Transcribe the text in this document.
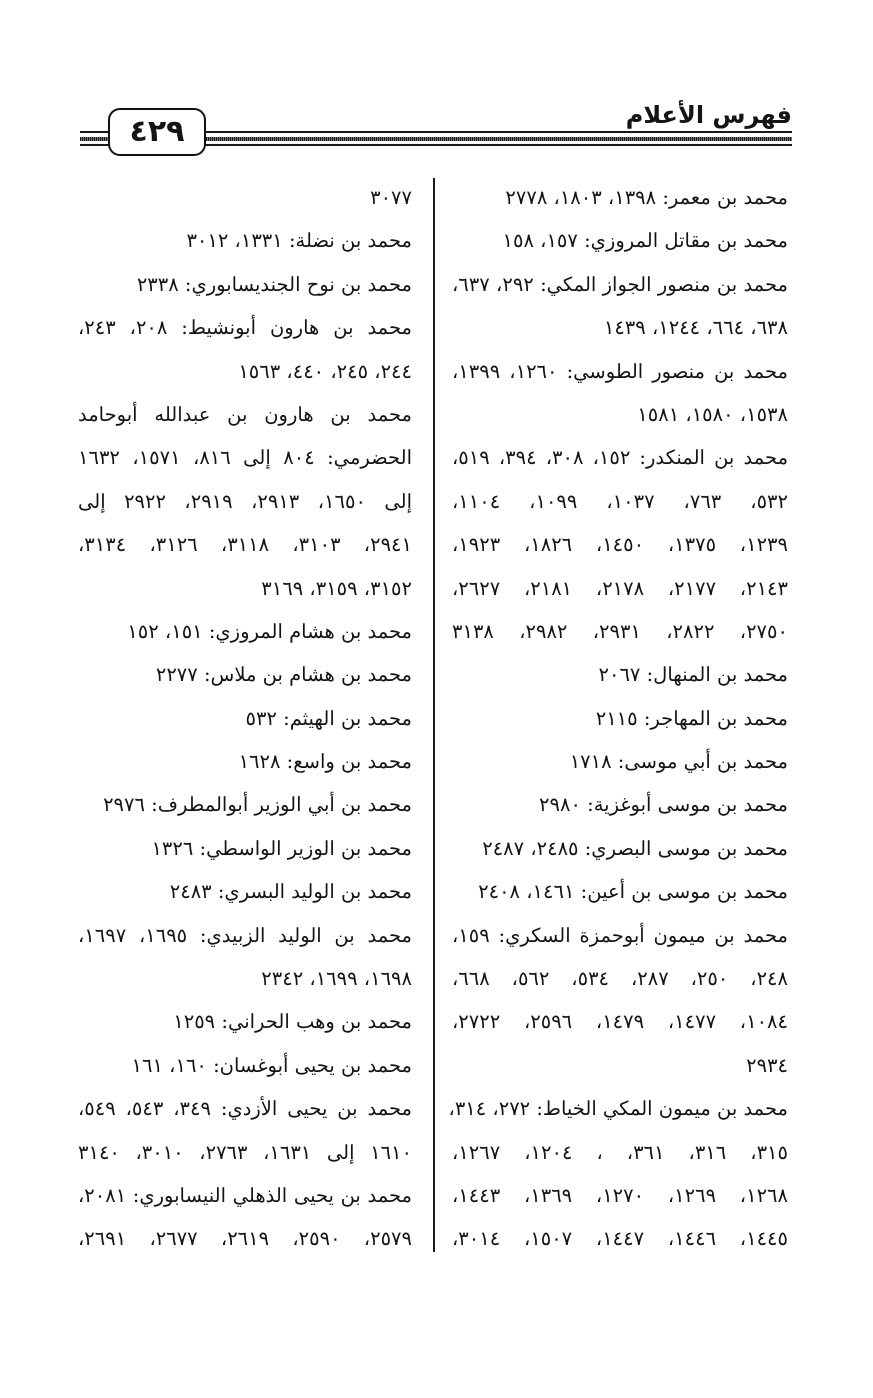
٤٢٩	فهرس الأعلام
محمد بن معمر: ١٣٩٨، ١٨٠٣، ٢٧٧٨
محمد بن مقاتل المروزي: ١٥٧، ١٥٨
محمد بن منصور الجواز المكي: ٢٩٢، ٦٣٧،
٦٣٨، ٦٦٤، ١٢٤٤، ١٤٣٩
محمد بن منصور الطوسي: ١٢٦٠، ١٣٩٩،
١٥٣٨، ١٥٨٠، ١٥٨١
محمد بن المنكدر: ١٥٢، ٣٠٨، ٣٩٤، ٥١٩،
٥٣٢، ٧٦٣، ١٠٣٧، ١٠٩٩، ١١٠٤،
١٢٣٩، ١٣٧٥، ١٤٥٠، ١٨٢٦، ١٩٢٣،
٢١٤٣، ٢١٧٧، ٢١٧٨، ٢١٨١، ٢٦٢٧،
٢٧٥٠، ٢٨٢٢، ٢٩٣١، ٢٩٨٢، ٣١٣٨
محمد بن المنهال: ٢٠٦٧
محمد بن المهاجر: ٢١١٥
محمد بن أبي موسى: ١٧١٨
محمد بن موسى أبوغزية: ٢٩٨٠
محمد بن موسى البصري: ٢٤٨٥، ٢٤٨٧
محمد بن موسى بن أعين: ١٤٦١، ٢٤٠٨
محمد بن ميمون أبوحمزة السكري: ١٥٩،
٢٤٨، ٢٥٠، ٢٨٧، ٥٣٤، ٥٦٢، ٦٦٨،
١٠٨٤، ١٤٧٧، ١٤٧٩، ٢٥٩٦، ٢٧٢٢،
٢٩٣٤
محمد بن ميمون المكي الخياط: ٢٧٢، ٣١٤،
٣١٥، ٣١٦، ٣٦١، ، ١٢٠٤، ١٢٦٧،
١٢٦٨، ١٢٦٩، ١٢٧٠، ١٣٦٩، ١٤٤٣،
١٤٤٥، ١٤٤٦، ١٤٤٧، ١٥٠٧، ٣٠١٤،
٣٠٧٧
محمد بن نضلة: ١٣٣١، ٣٠١٢
محمد بن نوح الجنديسابوري: ٢٣٣٨
محمد بن هارون أبونشيط: ٢٠٨، ٢٤٣،
٢٤٤، ٢٤٥، ٤٤٠، ١٥٦٣
محمد بن هارون بن عبدالله أبوحامد
الحضرمي: ٨٠٤ إلى ٨١٦، ١٥٧١، ١٦٣٢
إلى ١٦٥٠، ٢٩١٣، ٢٩١٩، ٢٩٢٢ إلى
٢٩٤١، ٣١٠٣، ٣١١٨، ٣١٢٦، ٣١٣٤،
٣١٥٢، ٣١٥٩، ٣١٦٩
محمد بن هشام المروزي: ١٥١، ١٥٢
محمد بن هشام بن ملاس: ٢٢٧٧
محمد بن الهيثم: ٥٣٢
محمد بن واسع: ١٦٢٨
محمد بن أبي الوزير أبوالمطرف: ٢٩٧٦
محمد بن الوزير الواسطي: ١٣٢٦
محمد بن الوليد البسري: ٢٤٨٣
محمد بن الوليد الزبيدي: ١٦٩٥، ١٦٩٧،
١٦٩٨، ١٦٩٩، ٢٣٤٢
محمد بن وهب الحراني: ١٢٥٩
محمد بن يحيى أبوغسان: ١٦٠، ١٦١
محمد بن يحيى الأزدي: ٣٤٩، ٥٤٣، ٥٤٩،
١٦١٠ إلى ١٦٣١، ٢٧٦٣، ٣٠١٠، ٣١٤٠
محمد بن يحيى الذهلي النيسابوري: ٢٠٨١،
٢٥٧٩، ٢٥٩٠، ٢٦١٩، ٢٦٧٧، ٢٦٩١،
